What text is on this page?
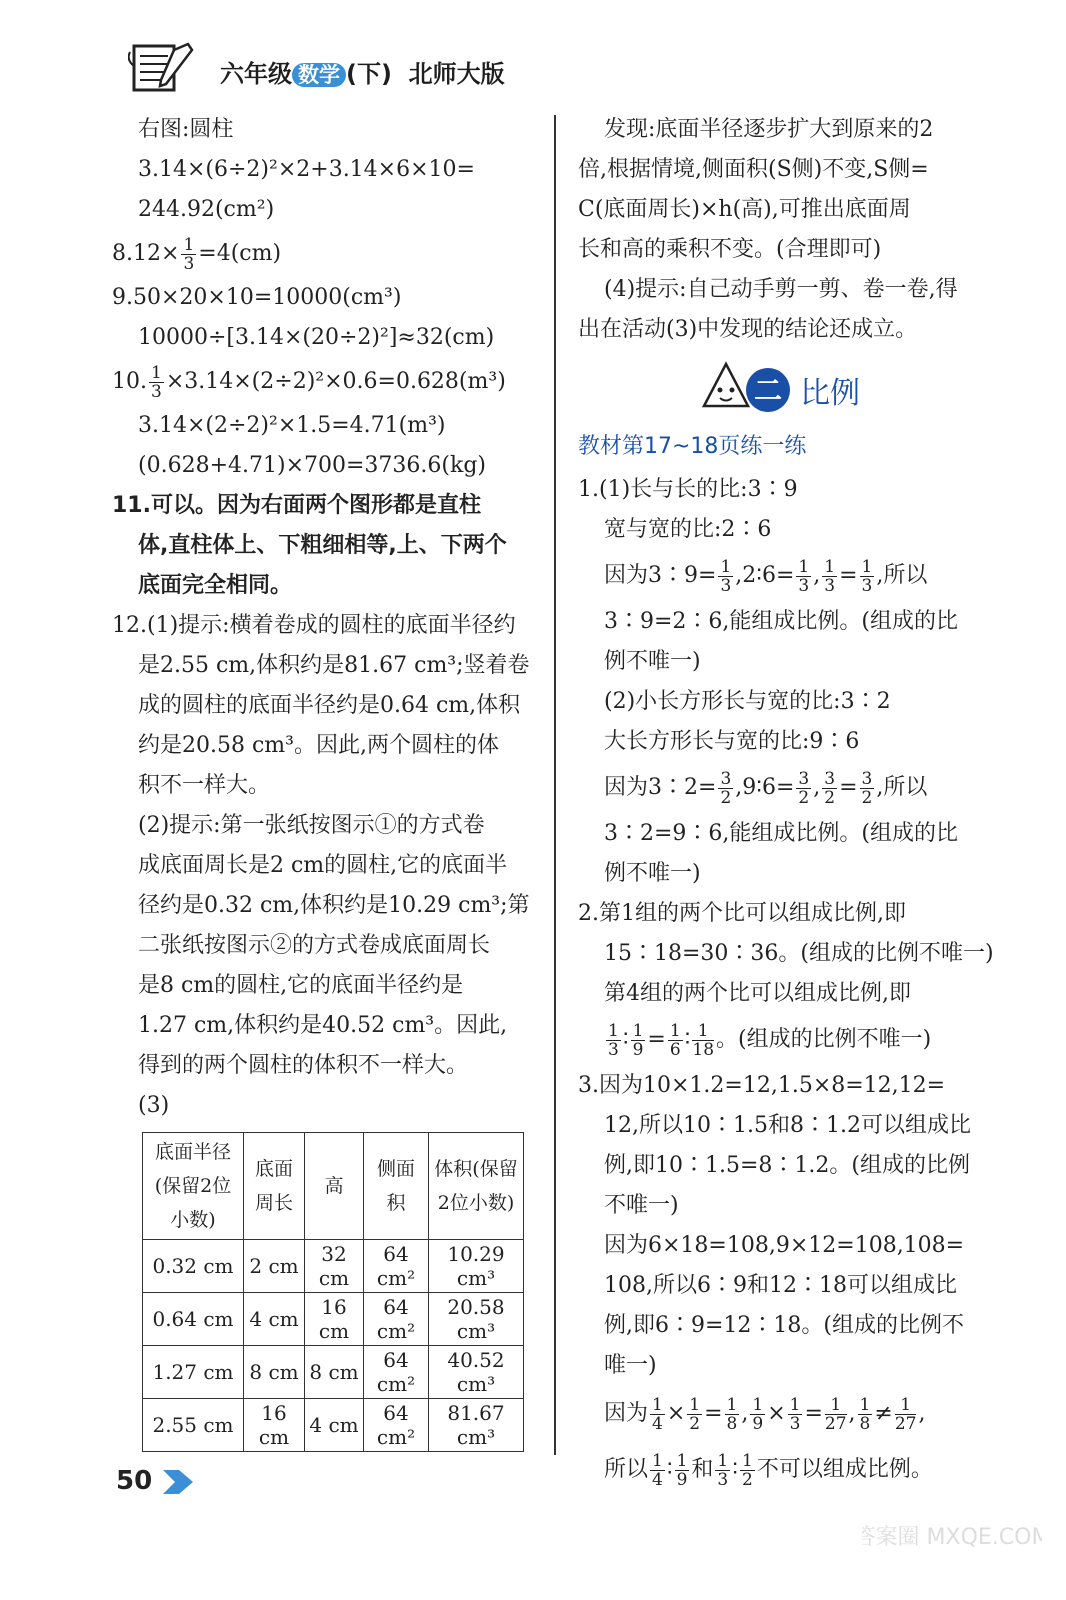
六年级 数学 (下) 北师大版
右图:圆柱
3.14×(6÷2)²×2+3.14×6×10=
244.92(cm²)
$8.12\times \frac{1}{3} =4(cm)$
9.50×20×10=10000(cm³)
10000÷[3.14×(20÷2)²]≈32(cm)
10. $\frac{1}{3} \times 3.14\times(2\div 2)^2\times 0.6=0.628(m^3)$
3.14×(2÷2)²×1.5=4.71(m³)
(0.628+4.71)×700=3736.6(kg)
11.可以。因为右面两个图形都是直柱
体,直柱体上、下粗细相等,上、下两个
底面完全相同。
12.(1)提示:横着卷成的圆柱的底面半径约
是2.55 cm,体积约是81.67 cm³;竖着卷
成的圆柱的底面半径约是0.64 cm,体积
约是20.58 cm³。因此,两个圆柱的体
积不一样大。
(2)提示:第一张纸按图示①的方式卷
成底面周长是2 cm的圆柱,它的底面半
径约是0.32 cm,体积约是10.29 cm³;第
二张纸按图示②的方式卷成底面周长
是8 cm的圆柱,它的底面半径约是
1.27 cm,体积约是40.52 cm³。因此,
得到的两个圆柱的体积不一样大。
(3)
底面半径(保留2位小数)	底面周长	高	侧面积	体积(保留2位小数)
0.32 cm	2 cm	32 cm	64 cm²	10.29 cm³
0.64 cm	4 cm	16 cm	64 cm²	20.58 cm³
1.27 cm	8 cm	8 cm	64 cm²	40.52 cm³
2.55 cm	16 cm	4 cm	64 cm²	81.67 cm³
发现:底面半径逐步扩大到原来的2
倍,根据情境,侧面积(S侧)不变,S侧=
C(底面周长)×h(高),可推出底面周
长和高的乘积不变。(合理即可)
(4)提示:自己动手剪一剪、卷一卷,得
出在活动(3)中发现的结论还成立。
二 比例
教材第17~18页练一练
1.(1)长与长的比:3∶9
宽与宽的比:2∶6
因为3∶9= $\frac{1}{3}$ ,2∶6= $\frac{1}{3}$ , $\frac{1}{3} = \frac{1}{3}$ ,所以
3∶9=2∶6,能组成比例。(组成的比
例不唯一)
(2)小长方形长与宽的比:3∶2
大长方形长与宽的比:9∶6
因为3∶2= $\frac{3}{2}$ ,9∶6= $\frac{3}{2}$ , $\frac{3}{2} = \frac{3}{2}$ ,所以
3∶2=9∶6,能组成比例。(组成的比
例不唯一)
2.第1组的两个比可以组成比例,即
15∶18=30∶36。(组成的比例不唯一)
第4组的两个比可以组成比例,即
$\frac{1}{3}$ ∶ $\frac{1}{9} = \frac{1}{6}$ ∶ $\frac{1}{18}$ 。(组成的比例不唯一)
3.因为10×1.2=12,1.5×8=12,12=
12,所以10∶1.5和8∶1.2可以组成比
例,即10∶1.5=8∶1.2。(组成的比例
不唯一)
因为6×18=108,9×12=108,108=
108,所以6∶9和12∶18可以组成比
例,即6∶9=12∶18。(组成的比例不
唯一)
因为 $\frac{1}{4} \times \frac{1}{2} = \frac{1}{8}$ , $\frac{1}{9} \times \frac{1}{3} = \frac{1}{27}$ , $\frac{1}{8} \ne \frac{1}{27}$ ,
所以 $\frac{1}{4}$ ∶ $\frac{1}{9}$ 和 $\frac{1}{3}$ ∶ $\frac{1}{2}$ 不可以组成比例。
50
答案圈 MXQE.COM
